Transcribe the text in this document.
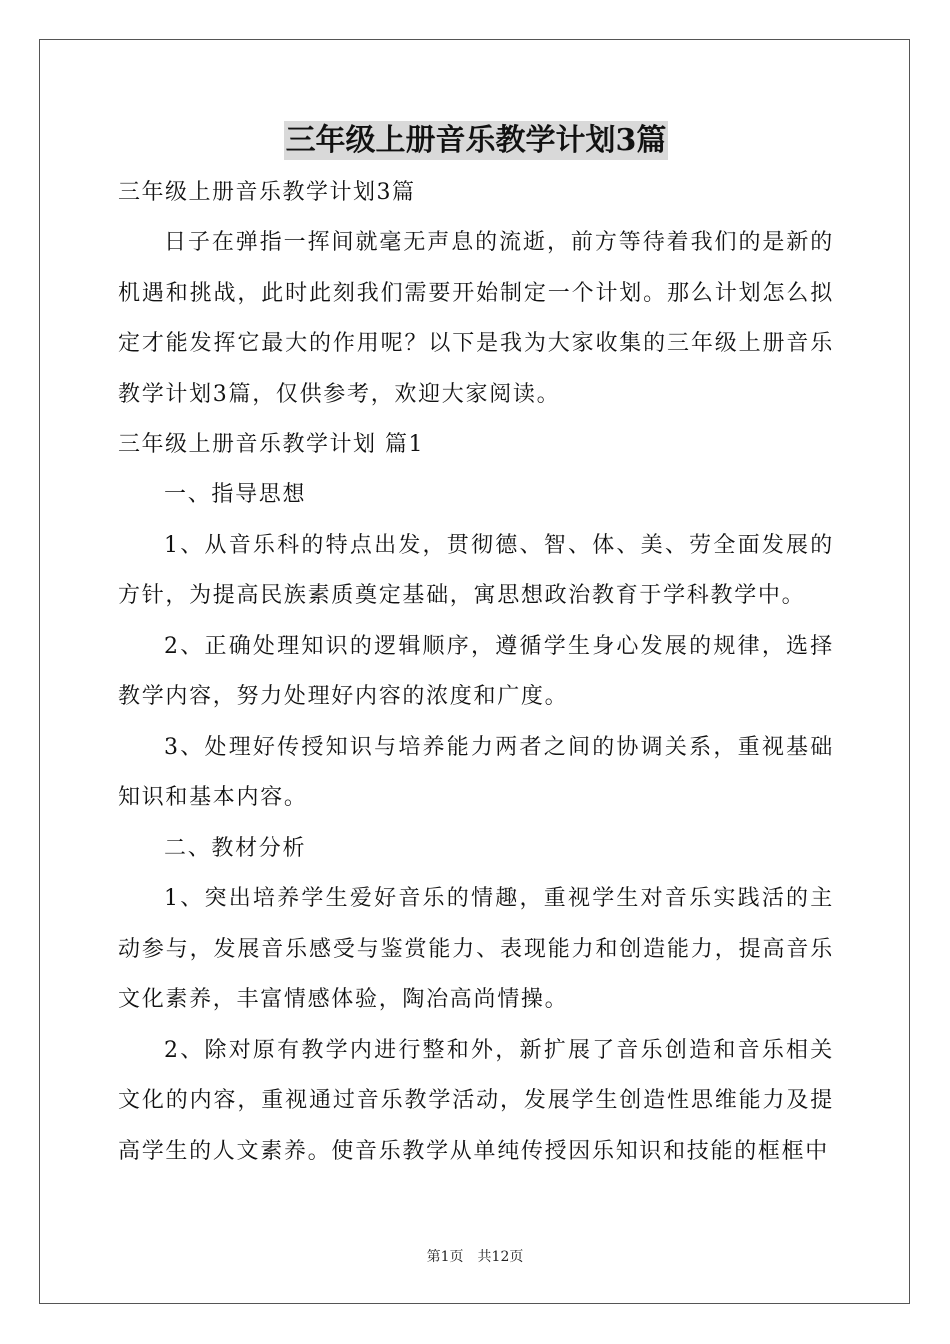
三年级上册音乐教学计划3篇

三年级上册音乐教学计划3篇

日子在弹指一挥间就毫无声息的流逝，前方等待着我们的是新的机遇和挑战，此时此刻我们需要开始制定一个计划。那么计划怎么拟定才能发挥它最大的作用呢？以下是我为大家收集的三年级上册音乐教学计划3篇，仅供参考，欢迎大家阅读。

三年级上册音乐教学计划 篇1

一、指导思想

1、从音乐科的特点出发，贯彻德、智、体、美、劳全面发展的方针，为提高民族素质奠定基础，寓思想政治教育于学科教学中。

2、正确处理知识的逻辑顺序，遵循学生身心发展的规律，选择教学内容，努力处理好内容的浓度和广度。

3、处理好传授知识与培养能力两者之间的协调关系，重视基础知识和基本内容。

二、教材分析

1、突出培养学生爱好音乐的情趣，重视学生对音乐实践活的主动参与，发展音乐感受与鉴赏能力、表现能力和创造能力，提高音乐文化素养，丰富情感体验，陶冶高尚情操。

2、除对原有教学内进行整和外，新扩展了音乐创造和音乐相关文化的内容，重视通过音乐教学活动，发展学生创造性思维能力及提高学生的人文素养。使音乐教学从单纯传授因乐知识和技能的框框中

第1页　共12页
